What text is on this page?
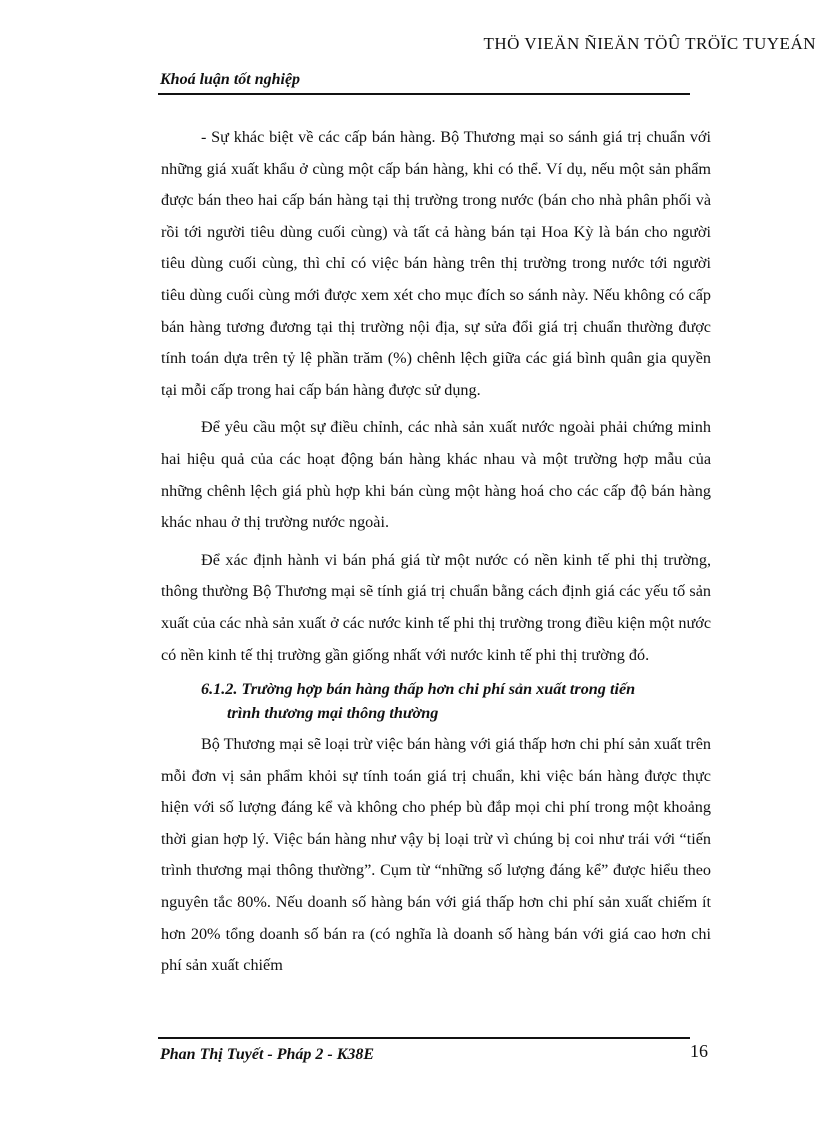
THÖ VIEÄN ÑIEÄN TÖÛ TRÖÏC TUYEÁN
Khoá luận tốt nghiệp

- Sự khác biệt về các cấp bán hàng. Bộ Thương mại so sánh giá trị chuẩn với những giá xuất khẩu ở cùng một cấp bán hàng, khi có thể. Ví dụ, nếu một sản phẩm được bán theo hai cấp bán hàng tại thị trường trong nước (bán cho nhà phân phối và rồi tới người tiêu dùng cuối cùng) và tất cả hàng bán tại Hoa Kỳ là bán cho người tiêu dùng cuối cùng, thì chỉ có việc bán hàng trên thị trường trong nước tới người tiêu dùng cuối cùng mới được xem xét cho mục đích so sánh này. Nếu không có cấp bán hàng tương đương tại thị trường nội địa, sự sửa đổi giá trị chuẩn thường được tính toán dựa trên tỷ lệ phần trăm (%) chênh lệch giữa các giá bình quân gia quyền tại mỗi cấp trong hai cấp bán hàng được sử dụng.

Để yêu cầu một sự điều chỉnh, các nhà sản xuất nước ngoài phải chứng minh hai hiệu quả của các hoạt động bán hàng khác nhau và một trường hợp mẫu của những chênh lệch giá phù hợp khi bán cùng một hàng hoá cho các cấp độ bán hàng khác nhau ở thị trường nước ngoài.

Để xác định hành vi bán phá giá từ một nước có nền kinh tế phi thị trường, thông thường Bộ Thương mại sẽ tính giá trị chuẩn bằng cách định giá các yếu tố sản xuất của các nhà sản xuất ở các nước kinh tế phi thị trường trong điều kiện một nước có nền kinh tế thị trường gần giống nhất với nước kinh tế phi thị trường đó.

6.1.2. Trường hợp bán hàng thấp hơn chi phí sản xuất trong tiến
trình thương mại thông thường

Bộ Thương mại sẽ loại trừ việc bán hàng với giá thấp hơn chi phí sản xuất trên mỗi đơn vị sản phẩm khỏi sự tính toán giá trị chuẩn, khi việc bán hàng được thực hiện với số lượng đáng kể và không cho phép bù đắp mọi chi phí trong một khoảng thời gian hợp lý. Việc bán hàng như vậy bị loại trừ vì chúng bị coi như trái với “tiến trình thương mại thông thường”. Cụm từ “những số lượng đáng kể” được hiểu theo nguyên tắc 80%. Nếu doanh số hàng bán với giá thấp hơn chi phí sản xuất chiếm ít hơn 20% tổng doanh số bán ra (có nghĩa là doanh số hàng bán với giá cao hơn chi phí sản xuất chiếm

Phan Thị Tuyết - Pháp 2 - K38E	16
